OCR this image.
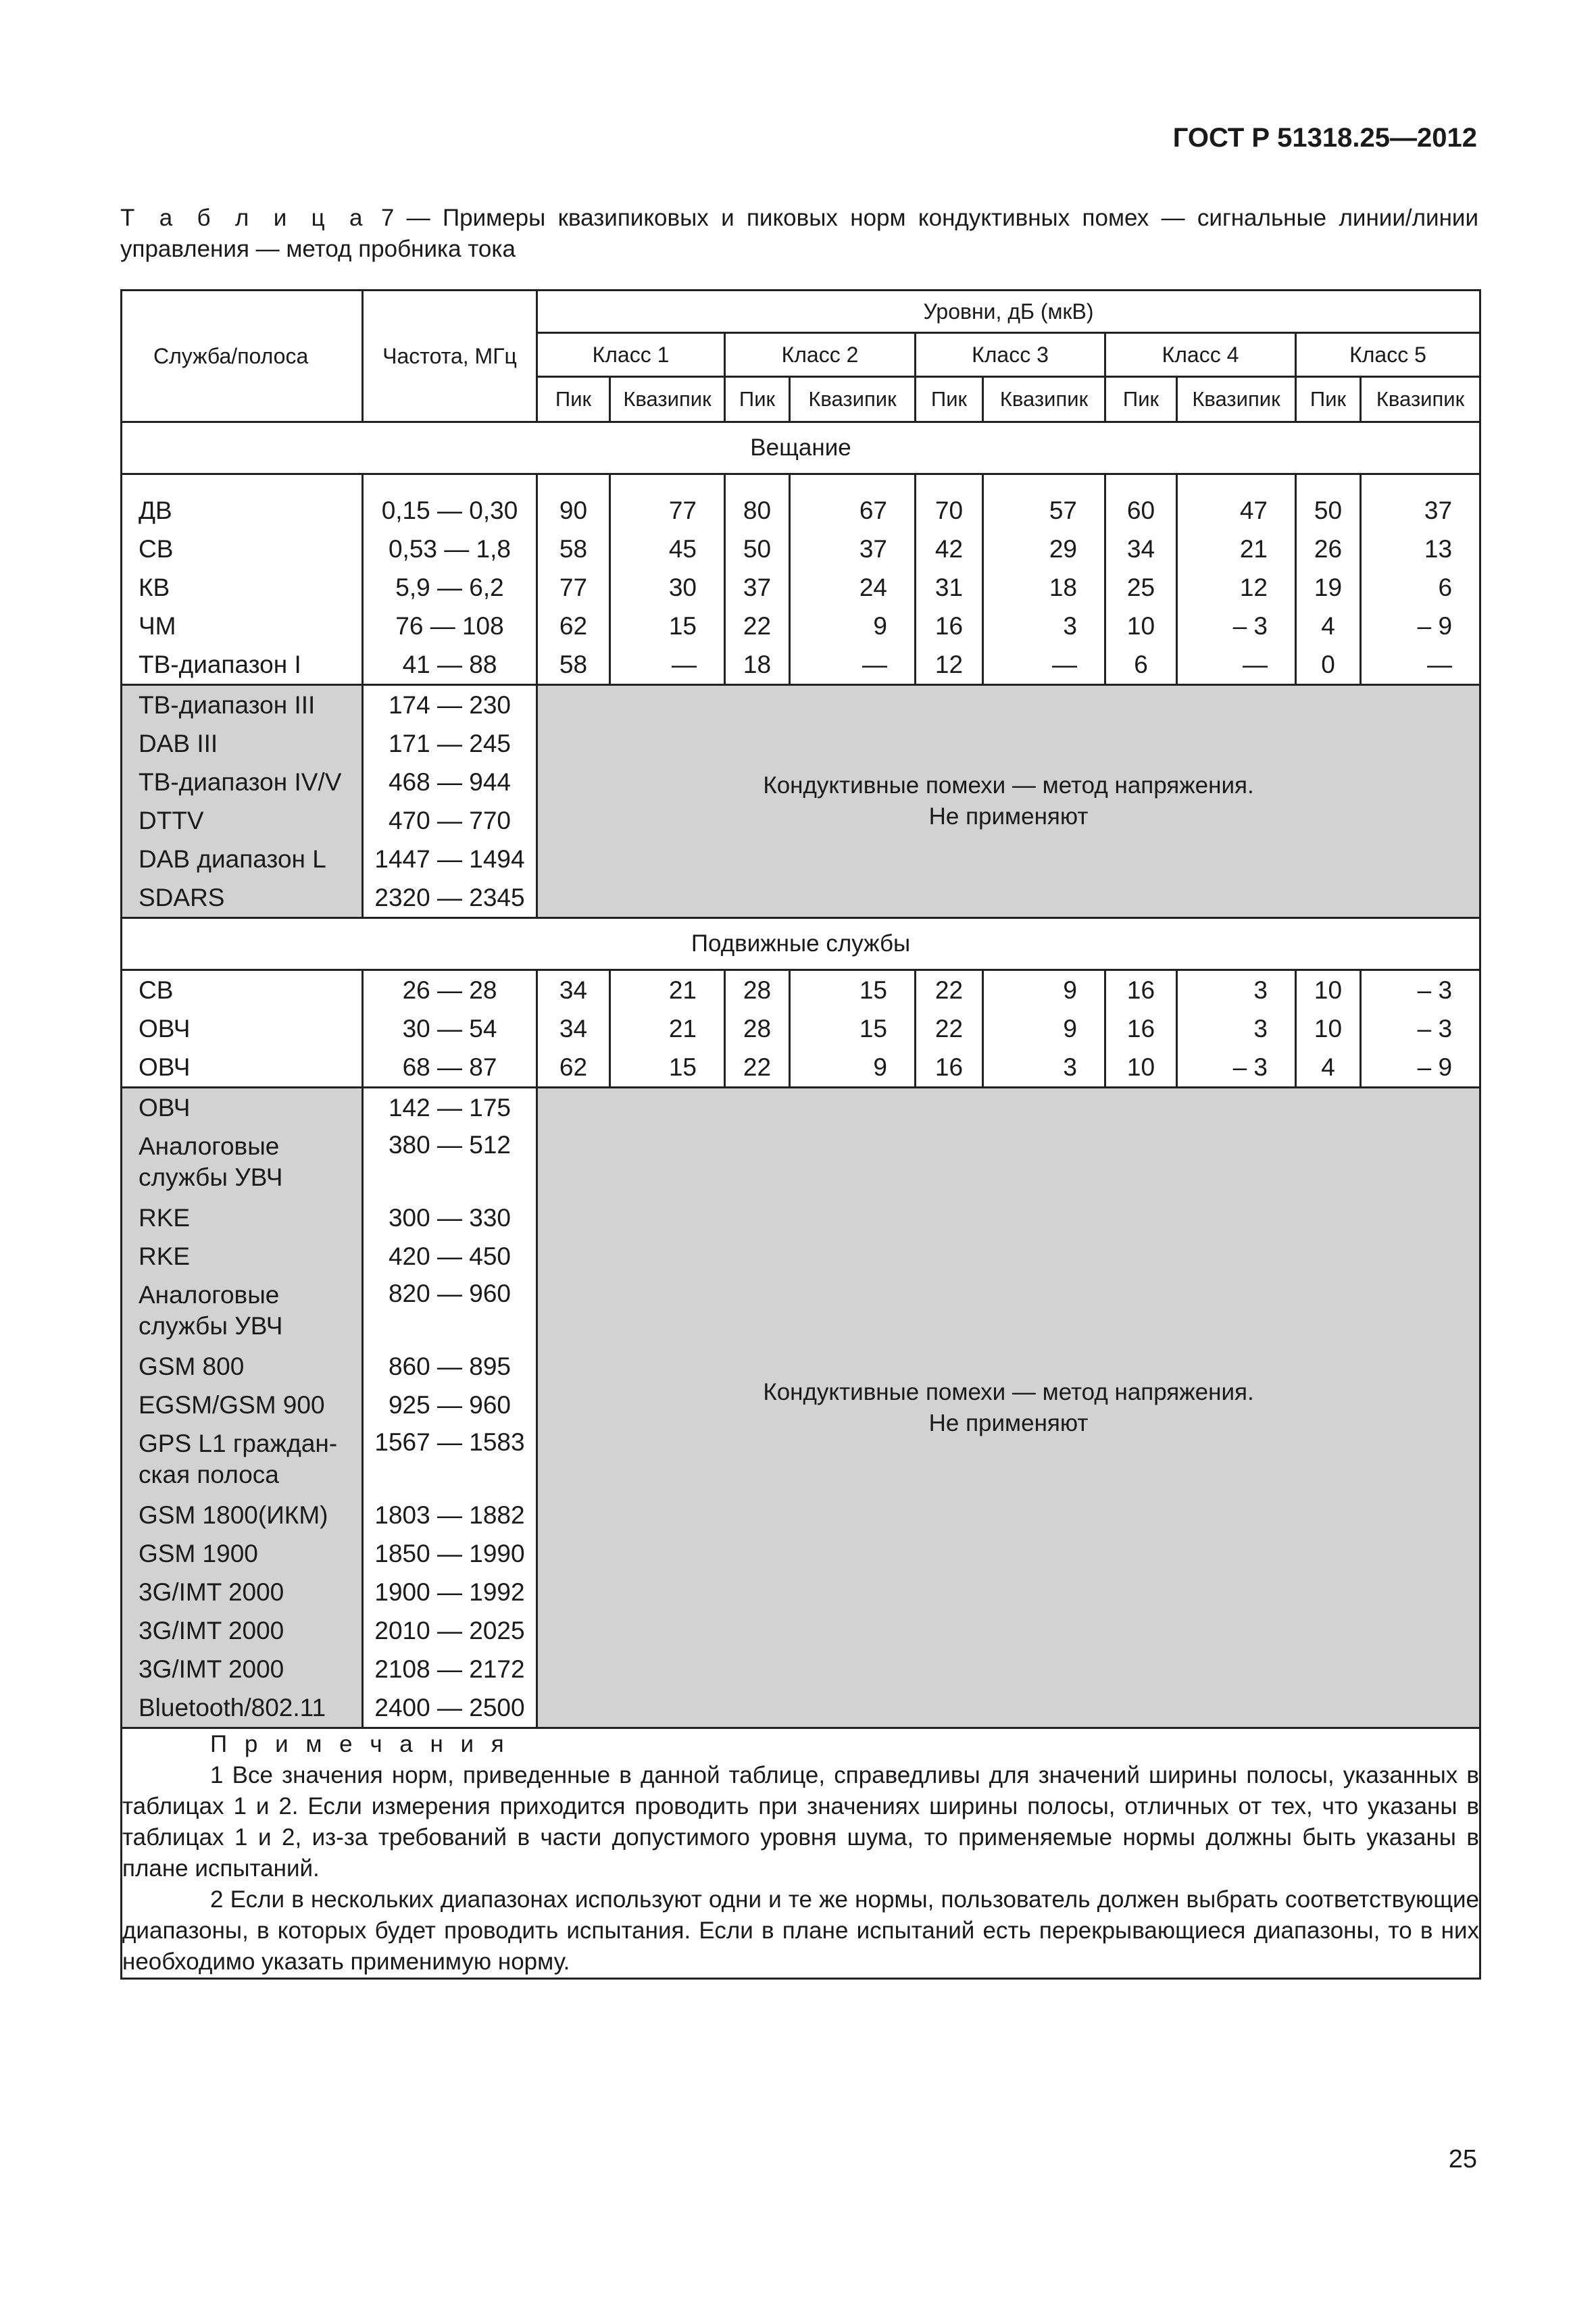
ГОСТ Р 51318.25—2012
Т а б л и ц а 7 — Примеры квазипиковых и пиковых норм кондуктивных помех — сигнальные линии/линии управления — метод пробника тока
Служба/полоса	Частота, МГц	Уровни, дБ (мкВ)									
		Класс 1		Класс 2		Класс 3		Класс 4		Класс 5	
		Пик	Квазипик	Пик	Квазипик	Пик	Квазипик	Пик	Квазипик	Пик	Квазипик
Вещание											

ДВ	0,15 — 0,30	90	77	80	67	70	57	60	47	50	37
СВ	0,53 — 1,8	58	45	50	37	42	29	34	21	26	13
КВ	5,9 — 6,2	77	30	37	24	31	18	25	12	19	6
ЧМ	76 — 108	62	15	22	9	16	3	10	– 3	4	– 9
ТВ-диапазон I	41 — 88	58	—	18	—	12	—	6	—	0	—
ТВ-диапазон III	174 — 230	Кондуктивные помехи — метод напряжения.
Не применяют									

DAB III	171 — 245										
ТВ-диапазон IV/V	468 — 944										
DTTV	470 — 770										
DAB диапазон L	1447 — 1494										
SDARS	2320 — 2345										
Подвижные службы											
СВ	26 — 28	34	21	28	15	22	9	16	3	10	– 3
ОВЧ	30 — 54	34	21	28	15	22	9	16	3	10	– 3
ОВЧ	68 — 87	62	15	22	9	16	3	10	– 3	4	– 9
ОВЧ	142 — 175	Кондуктивные помехи — метод напряжения.
Не применяют									

Аналоговые службы УВЧ	380 — 512										
RKE	300 — 330										
RKE	420 — 450										
Аналоговые службы УВЧ	820 — 960										
GSM 800	860 — 895										
EGSM/GSM 900	925 — 960										
GPS L1 граждан-ская полоса	1567 — 1583										
GSM 1800(ИКМ)	1803 — 1882										
GSM 1900	1850 — 1990										
3G/IMT 2000	1900 — 1992										
3G/IMT 2000	2010 — 2025										
3G/IMT 2000	2108 — 2172										
Bluetooth/802.11	2400 — 2500										

П р и м е ч а н и я

1 Все значения норм, приведенные в данной таблице, справедливы для значений ширины полосы, указанных в таблицах 1 и 2. Если измерения приходится проводить при значениях ширины полосы, отличных от тех, что указаны в таблицах 1 и 2, из-за требований в части допустимого уровня шума, то применяемые нормы должны быть указаны в плане испытаний.

2 Если в нескольких диапазонах используют одни и те же нормы, пользователь должен выбрать соответствующие диапазоны, в которых будет проводить испытания. Если в плане испытаний есть перекрывающиеся диапазоны, то в них необходимо указать применимую норму.											

25
